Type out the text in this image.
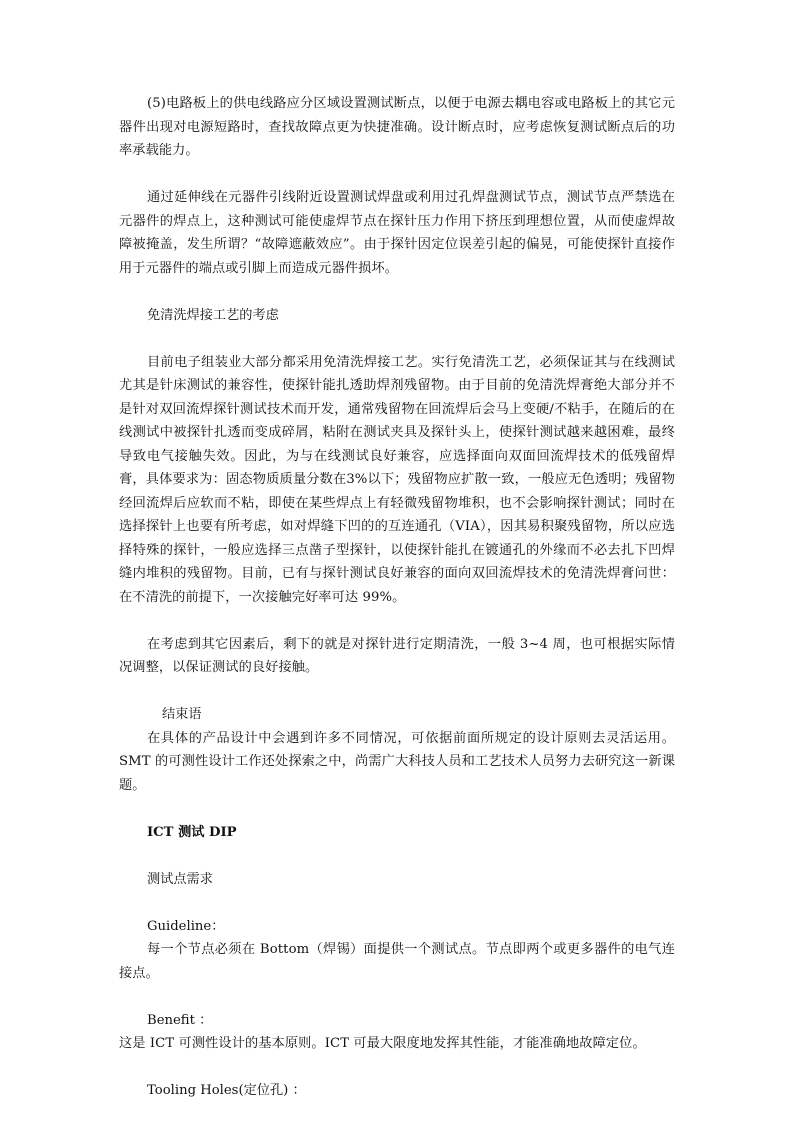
(5)电路板上的供电线路应分区域设置测试断点，以便于电源去耦电容或电路板上的其它元器件出现对电源短路时，查找故障点更为快捷准确。设计断点时，应考虑恢复测试断点后的功率承载能力。

通过延伸线在元器件引线附近设置测试焊盘或利用过孔焊盘测试节点，测试节点严禁选在元器件的焊点上，这种测试可能使虚焊节点在探针压力作用下挤压到理想位置，从而使虚焊故障被掩盖，发生所谓？“故障遮蔽效应”。由于探针因定位误差引起的偏晃，可能使探针直接作用于元器件的端点或引脚上而造成元器件损坏。

免清洗焊接工艺的考虑

目前电子组装业大部分都采用免清洗焊接工艺。实行免清洗工艺，必须保证其与在线测试尤其是针床测试的兼容性，使探针能扎透助焊剂残留物。由于目前的免清洗焊膏绝大部分并不是针对双回流焊探针测试技术而开发，通常残留物在回流焊后会马上变硬/不粘手，在随后的在线测试中被探针扎透而变成碎屑，粘附在测试夹具及探针头上，使探针测试越来越困难，最终导致电气接触失效。因此，为与在线测试良好兼容，应选择面向双面回流焊技术的低残留焊膏，具体要求为：固态物质质量分数在3%以下；残留物应扩散一致，一般应无色透明；残留物经回流焊后应软而不粘，即使在某些焊点上有轻微残留物堆积，也不会影响探针测试；同时在选择探针上也要有所考虑，如对焊缝下凹的的互连通孔（VIA），因其易积聚残留物，所以应选择特殊的探针，一般应选择三点凿子型探针，以使探针能扎在镀通孔的外缘而不必去扎下凹焊缝内堆积的残留物。目前，已有与探针测试良好兼容的面向双回流焊技术的免清洗焊膏问世：在不清洗的前提下，一次接触完好率可达 99%。

在考虑到其它因素后，剩下的就是对探针进行定期清洗，一般 3~4 周，也可根据实际情况调整，以保证测试的良好接触。

结束语

在具体的产品设计中会遇到许多不同情况，可依据前面所规定的设计原则去灵活运用。SMT 的可测性设计工作还处探索之中，尚需广大科技人员和工艺技术人员努力去研究这一新课题。

ICT 测试 DIP

测试点需求

Guideline：

每一个节点必须在 Bottom（焊锡）面提供一个测试点。节点即两个或更多器件的电气连接点。

Benefit ：

这是 ICT 可测性设计的基本原则。ICT 可最大限度地发挥其性能，才能准确地故障定位。

Tooling Holes(定位孔) ：
